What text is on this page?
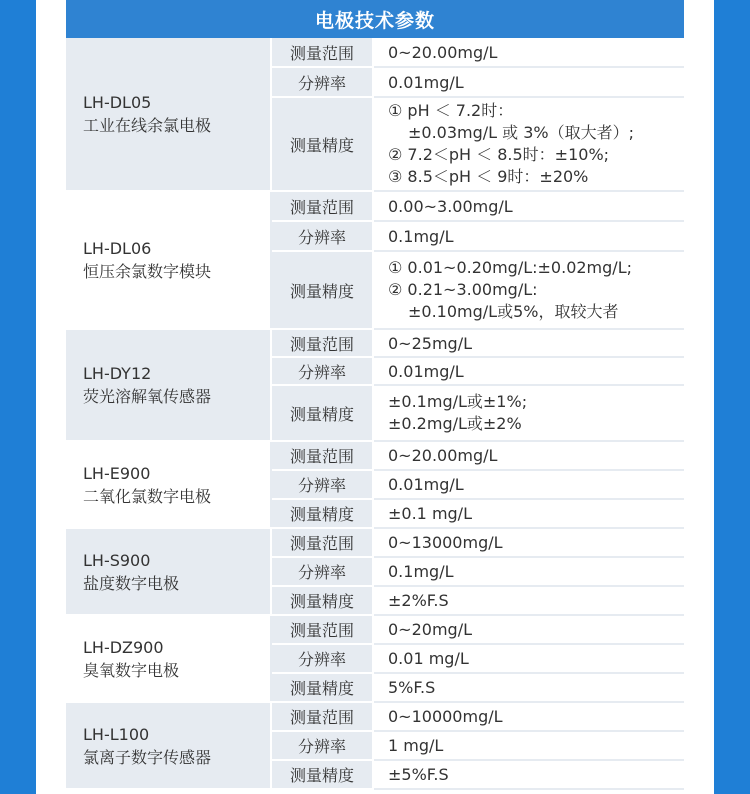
电极技术参数
LH-DL05
工业在线余氯电极	测量范围	0~20.00mg/L
	分辨率	0.01mg/L
	测量精度	① pH ＜ 7.2时：
±0.03mg/L 或 3%（取大者）;
② 7.2＜pH ＜ 8.5时：±10%;
③ 8.5＜pH ＜ 9时：±20%

LH-DL06
恒压余氯数字模块	测量范围	0.00~3.00mg/L
	分辨率	0.1mg/L
	测量精度	① 0.01~0.20mg/L:±0.02mg/L;
② 0.21~3.00mg/L:
±0.10mg/L或5%，取较大者

LH-DY12
荧光溶解氧传感器	测量范围	0~25mg/L
	分辨率	0.01mg/L
	测量精度	±0.1mg/L或±1%;
±0.2mg/L或±2%

LH-E900
二氧化氯数字电极	测量范围	0~20.00mg/L
	分辨率	0.01mg/L
	测量精度	±0.1 mg/L

LH-S900
盐度数字电极	测量范围	0~13000mg/L
	分辨率	0.1mg/L
	测量精度	±2%F.S

LH-DZ900
臭氧数字电极	测量范围	0~20mg/L
	分辨率	0.01 mg/L
	测量精度	5%F.S

LH-L100
氯离子数字传感器	测量范围	0~10000mg/L
	分辨率	1 mg/L
	测量精度	±5%F.S
